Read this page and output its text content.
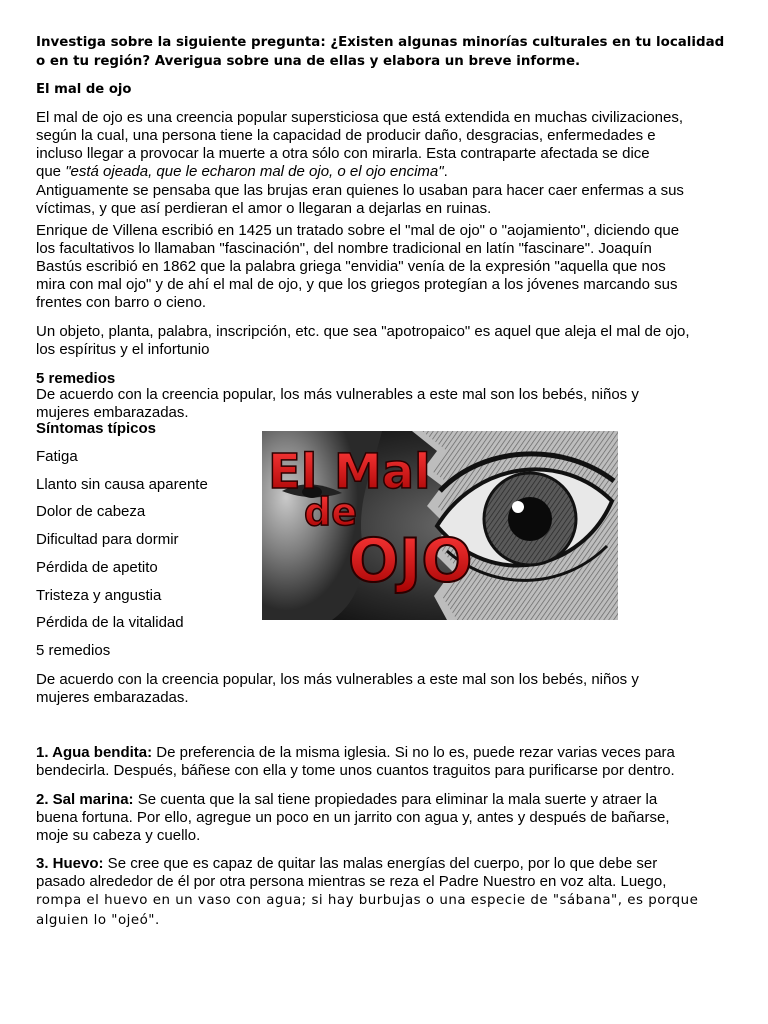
Investiga sobre la siguiente pregunta: ¿Existen algunas minorías culturales en tu localidad
o en tu región? Averigua sobre una de ellas y elabora un breve informe.

El mal de ojo

El mal de ojo es una creencia popular supersticiosa que está extendida en muchas civilizaciones,
según la cual, una persona tiene la capacidad de producir daño, desgracias, enfermedades e
incluso llegar a provocar la muerte a otra sólo con mirarla. Esta contraparte afectada se dice
que "está ojeada, que le echaron mal de ojo, o el ojo encima".

Antiguamente se pensaba que las brujas eran quienes lo usaban para hacer caer enfermas a sus
víctimas, y que así perdieran el amor o llegaran a dejarlas en ruinas.

Enrique de Villena escribió en 1425 un tratado sobre el "mal de ojo" o "aojamiento", diciendo que
los facultativos lo llamaban "fascinación", del nombre tradicional en latín "fascinare". Joaquín
Bastús escribió en 1862 que la palabra griega "envidia" venía de la expresión "aquella que nos
mira con mal ojo" y de ahí el mal de ojo, y que los griegos protegían a los jóvenes marcando sus
frentes con barro o cieno.

Un objeto, planta, palabra, inscripción, etc. que sea "apotropaico" es aquel que aleja el mal de ojo,
los espíritus y el infortunio

5 remedios

De acuerdo con la creencia popular, los más vulnerables a este mal son los bebés, niños y
mujeres embarazadas.

Síntomas típicos

Fatiga

Llanto sin causa aparente

Dolor de cabeza

Dificultad para dormir

Pérdida de apetito

Tristeza y angustia

Pérdida de la vitalidad

5 remedios

De acuerdo con la creencia popular, los más vulnerables a este mal son los bebés, niños y
mujeres embarazadas.

1. Agua bendita: De preferencia de la misma iglesia. Si no lo es, puede rezar varias veces para
bendecirla. Después, báñese con ella y tome unos cuantos traguitos para purificarse por dentro.

2. Sal marina: Se cuenta que la sal tiene propiedades para eliminar la mala suerte y atraer la
buena fortuna. Por ello, agregue un poco en un jarrito con agua y, antes y después de bañarse,
moje su cabeza y cuello.

3. Huevo: Se cree que es capaz de quitar las malas energías del cuerpo, por lo que debe ser
pasado alrededor de él por otra persona mientras se reza el Padre Nuestro en voz alta. Luego,
rompa el huevo en un vaso con agua; si hay burbujas o una especie de "sábana", es porque
alguien lo "ojeó".

El Mal
de
OJO
